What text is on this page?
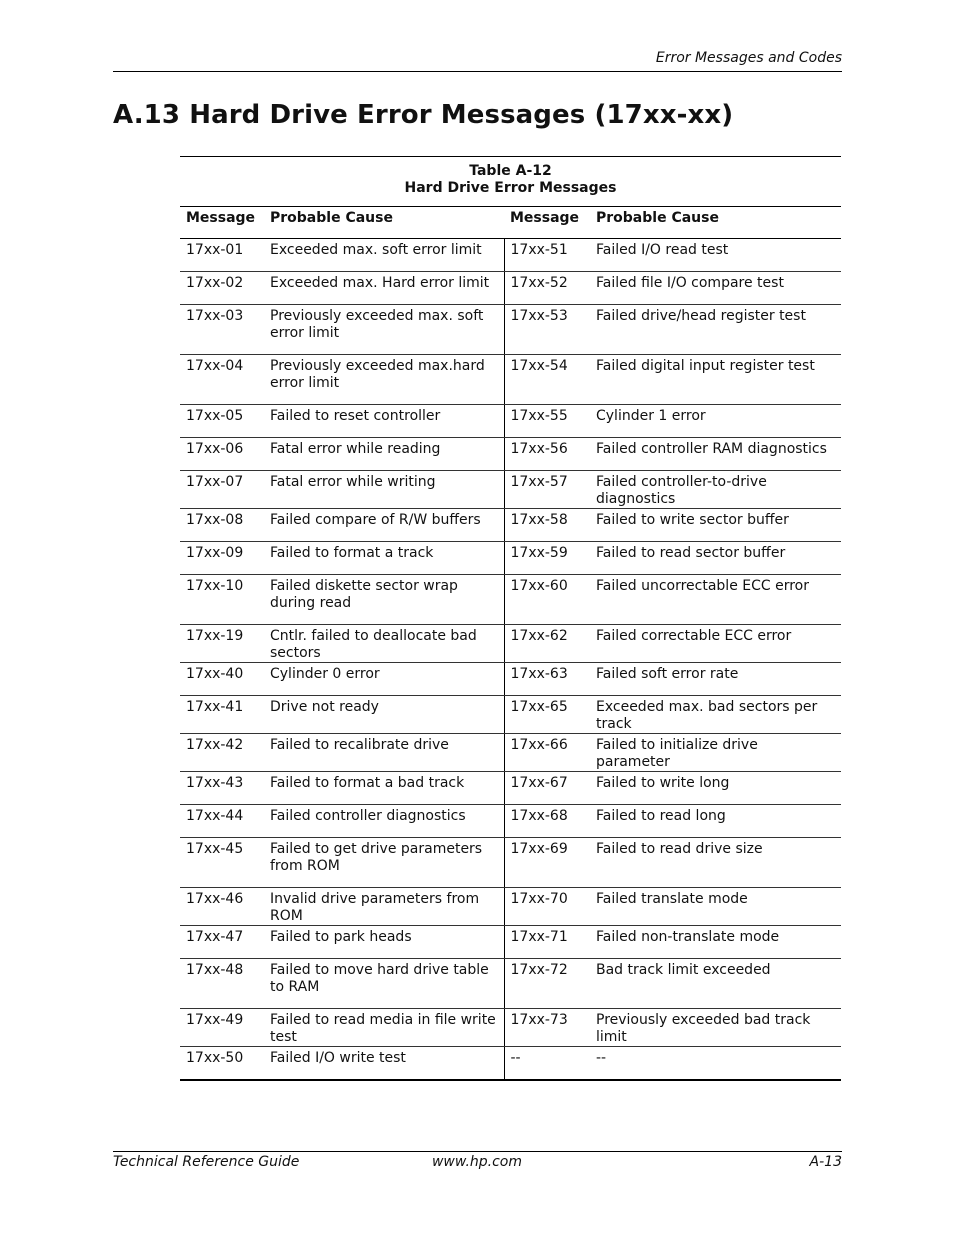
Error Messages and Codes
A.13 Hard Drive Error Messages (17xx-xx)
Table A-12
Hard Drive Error Messages
Message	Probable Cause	Message	Probable Cause
17xx-01	Exceeded max. soft error limit	17xx-51	Failed I/O read test
17xx-02	Exceeded max. Hard error limit	17xx-52	Failed file I/O compare test
17xx-03	Previously exceeded max. soft error limit	17xx-53	Failed drive/head register test
17xx-04	Previously exceeded max.hard error limit	17xx-54	Failed digital input register test
17xx-05	Failed to reset controller	17xx-55	Cylinder 1 error
17xx-06	Fatal error while reading	17xx-56	Failed controller RAM diagnostics
17xx-07	Fatal error while writing	17xx-57	Failed controller-to-drive diagnostics
17xx-08	Failed compare of R/W buffers	17xx-58	Failed to write sector buffer
17xx-09	Failed to format a track	17xx-59	Failed to read sector buffer
17xx-10	Failed diskette sector wrap during read	17xx-60	Failed uncorrectable ECC error
17xx-19	Cntlr. failed to deallocate bad sectors	17xx-62	Failed correctable ECC error
17xx-40	Cylinder 0 error	17xx-63	Failed soft error rate
17xx-41	Drive not ready	17xx-65	Exceeded max. bad sectors per track
17xx-42	Failed to recalibrate drive	17xx-66	Failed to initialize drive parameter
17xx-43	Failed to format a bad track	17xx-67	Failed to write long
17xx-44	Failed controller diagnostics	17xx-68	Failed to read long
17xx-45	Failed to get drive parameters from ROM	17xx-69	Failed to read drive size
17xx-46	Invalid drive parameters from ROM	17xx-70	Failed translate mode
17xx-47	Failed to park heads	17xx-71	Failed non-translate mode
17xx-48	Failed to move hard drive table to RAM	17xx-72	Bad track limit exceeded
17xx-49	Failed to read media in file write test	17xx-73	Previously exceeded bad track limit
17xx-50	Failed I/O write test	--	--
Technical Reference Guide	www.hp.com	A-13
